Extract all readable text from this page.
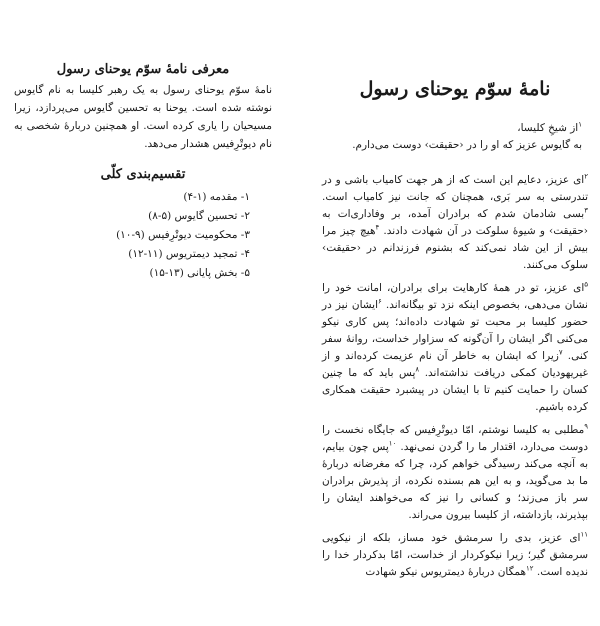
معرفی نامۀ سوّم یوحنای رسول

نامۀ سوّم یوحنای رسول به یک رهبر کلیسا به نام گایوس نوشته شده است. یوحنا به تحسین گایوس می‌پردازد، زیرا مسیحیان را یاری کرده است. او همچنین دربارۀ شخصی به نام دیوتْرِفیس هشدار می‌دهد.

تقسیم‌بندی کلّی
۱- مقدمه (۱-۴)
۲- تحسین گایوس (۵-۸)
۳- محکومیت دیوتْرِفیس (۹-۱۰)
۴- تمجید دیمتریوس (۱۱-۱۲)
۵- بخش پایانی (۱۳-۱۵)
نامۀ سوّم یوحنای رسول
$^۱$از شیخِ کلیسا،
به گایوس عزیز که او را در ‹حقیقت› دوست می‌دارم.

$^۲$ای عزیز، دعایم این است که از هر جهت کامیاب باشی و در تندرستی به سر بَری، همچنان که جانت نیز کامیاب است. $^۳$بسی شادمان شدم که برادران آمده، بر وفاداری‌ات به ‹حقیقت› و شیوۀ سلوکت در آن شهادت دادند. $^۴$هیچ چیز مرا بیش از این شاد نمی‌کند که بشنوم فرزندانم در ‹حقیقت› سلوک می‌کنند.

$^۵$ای عزیز، تو در همۀ کارهایت برای برادران، امانت خود را نشان می‌دهی، بخصوص اینکه نزد تو بیگانه‌اند. $^۶$ایشان نیز در حضور کلیسا بر محبت تو شهادت داده‌اند؛ پس کاری نیکو می‌کنی اگر ایشان را آن‌گونه که سزاوار خداست، روانۀ سفر کنی. $^۷$زیرا که ایشان به خاطر آن نام عزیمت کرده‌اند و از غیریهودیان کمکی دریافت نداشته‌اند. $^۸$پس باید که ما چنین کسان را حمایت کنیم تا با ایشان در پیشبرد حقیقت همکاری کرده باشیم.

$^۹$مطلبی به کلیسا نوشتم، امّا دیوتْرِفیس که جایگاه نخست را دوست می‌دارد، اقتدار ما را گردن نمی‌نهد. $^{۱۰}$پس چون بیایم، به آنچه می‌کند رسیدگی خواهم کرد، چرا که مغرضانه دربارۀ ما بد می‌گوید، و به این هم بسنده نکرده، از پذیرش برادران سر باز می‌زند؛ و کسانی را نیز که می‌خواهند ایشان را بپذیرند، بازداشته، از کلیسا بیرون می‌راند.

$^{۱۱}$ای عزیز، بدی را سرمشق خود مساز، بلکه از نیکویی سرمشق گیر؛ زیرا نیکوکردار از خداست، امّا بدکردار خدا را ندیده است. $^{۱۲}$همگان دربارۀ دیمتریوس نیکو شهادت
